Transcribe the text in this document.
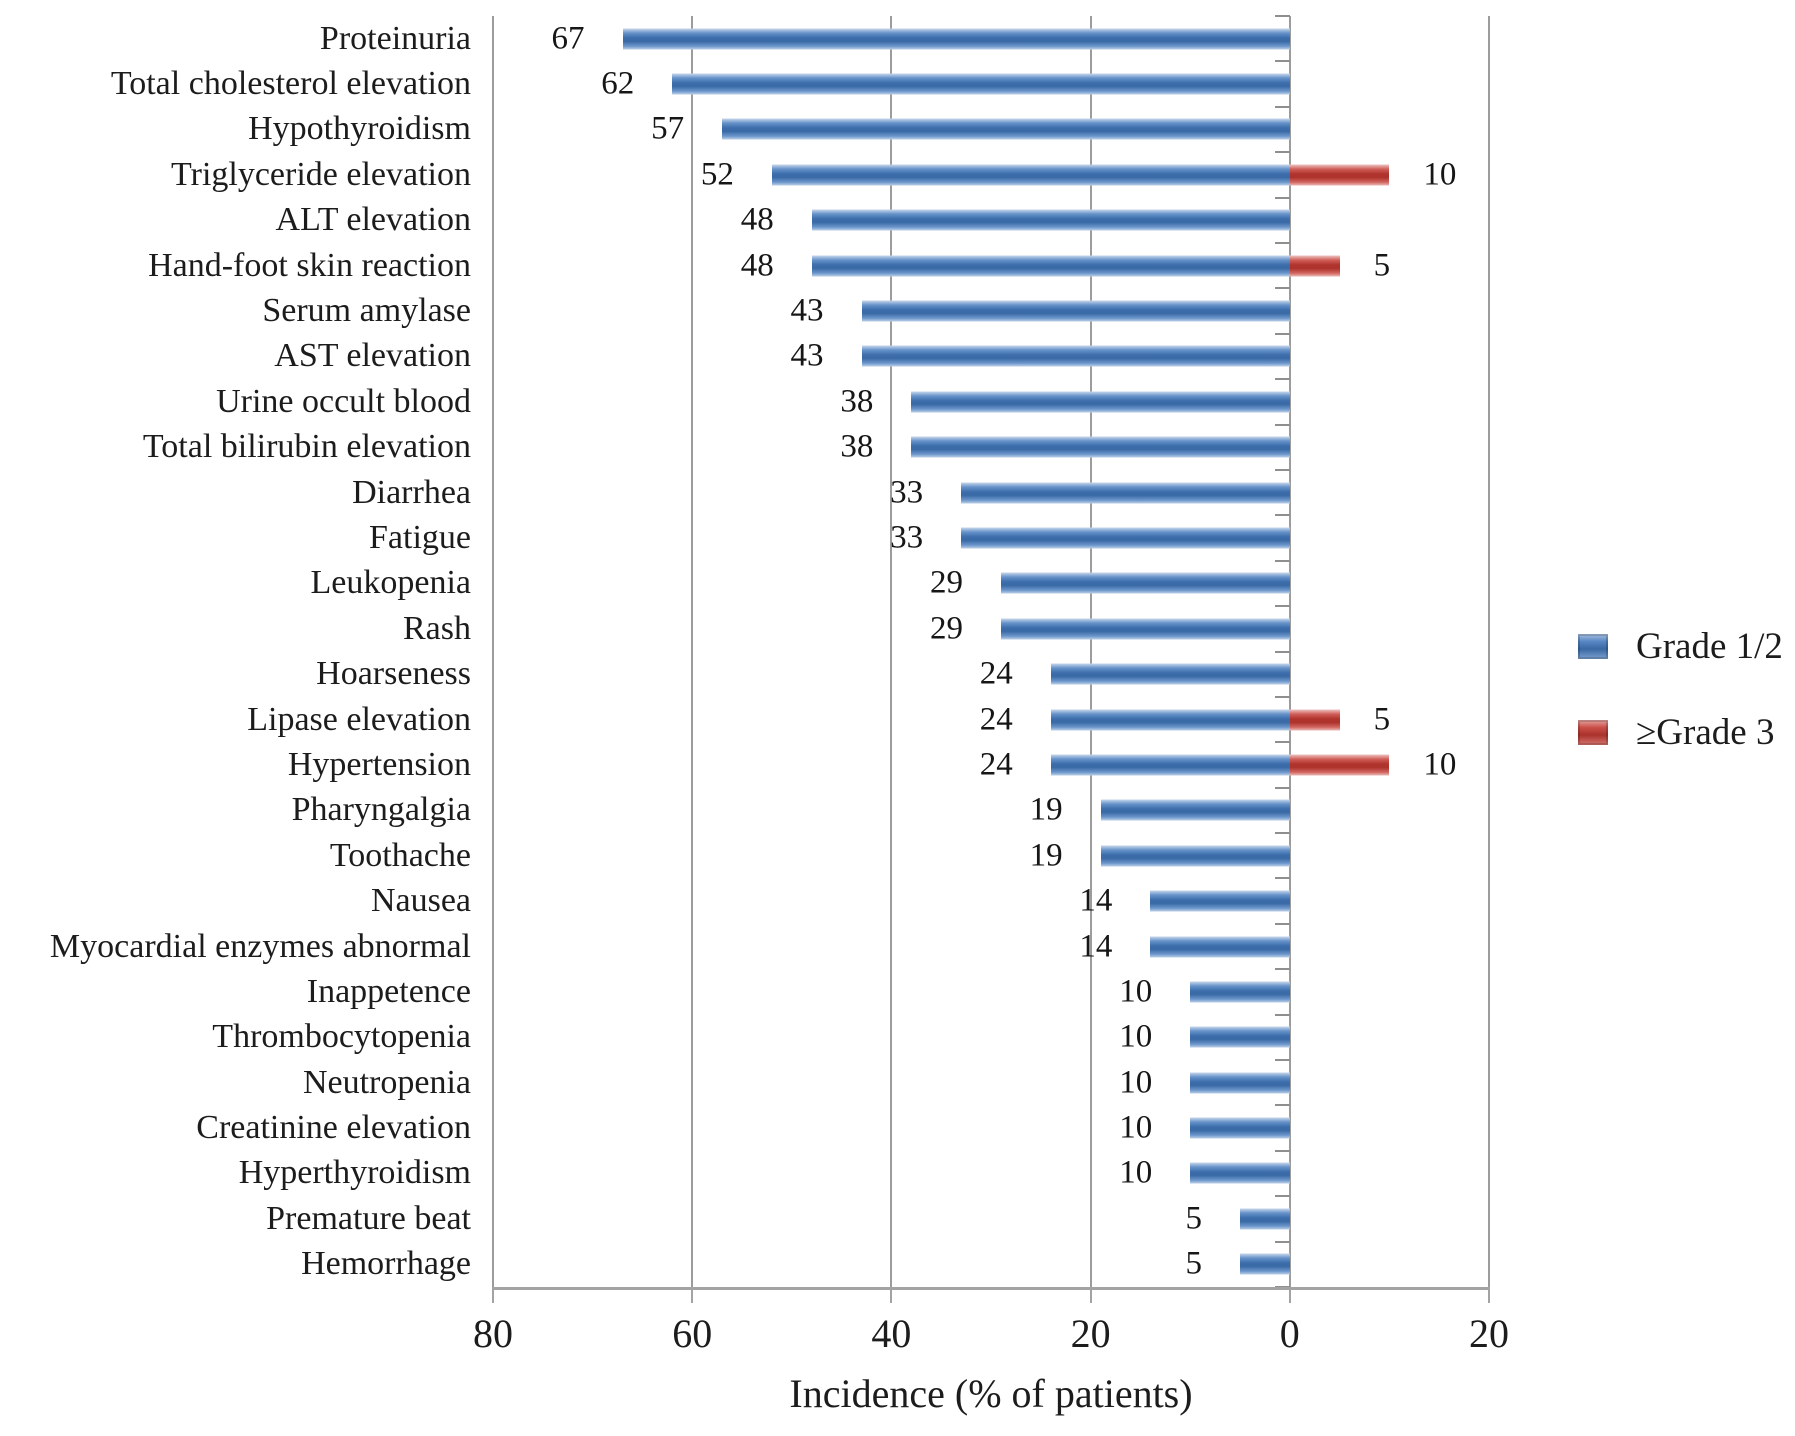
Proteinuria
Total cholesterol elevation
Hypothyroidism
Triglyceride elevation
ALT elevation
Hand-foot skin reaction
Serum amylase
AST elevation
Urine occult blood
Total bilirubin elevation
Diarrhea
Fatigue
Leukopenia
Rash
Hoarseness
Lipase elevation
Hypertension
Pharyngalgia
Toothache
Nausea
Myocardial enzymes abnormal
Inappetence
Thrombocytopenia
Neutropenia
Creatinine elevation
Hyperthyroidism
Premature beat
Hemorrhage
67
62
57
52	10
48
48	5
43
43
38
38
33
33
29
29
24
24	5
24	10
19
19
14
14
10
10
10
10
10
5
5
80	60	40	20	0	20
Incidence (% of patients)
Grade 1/2
≥Grade 3
